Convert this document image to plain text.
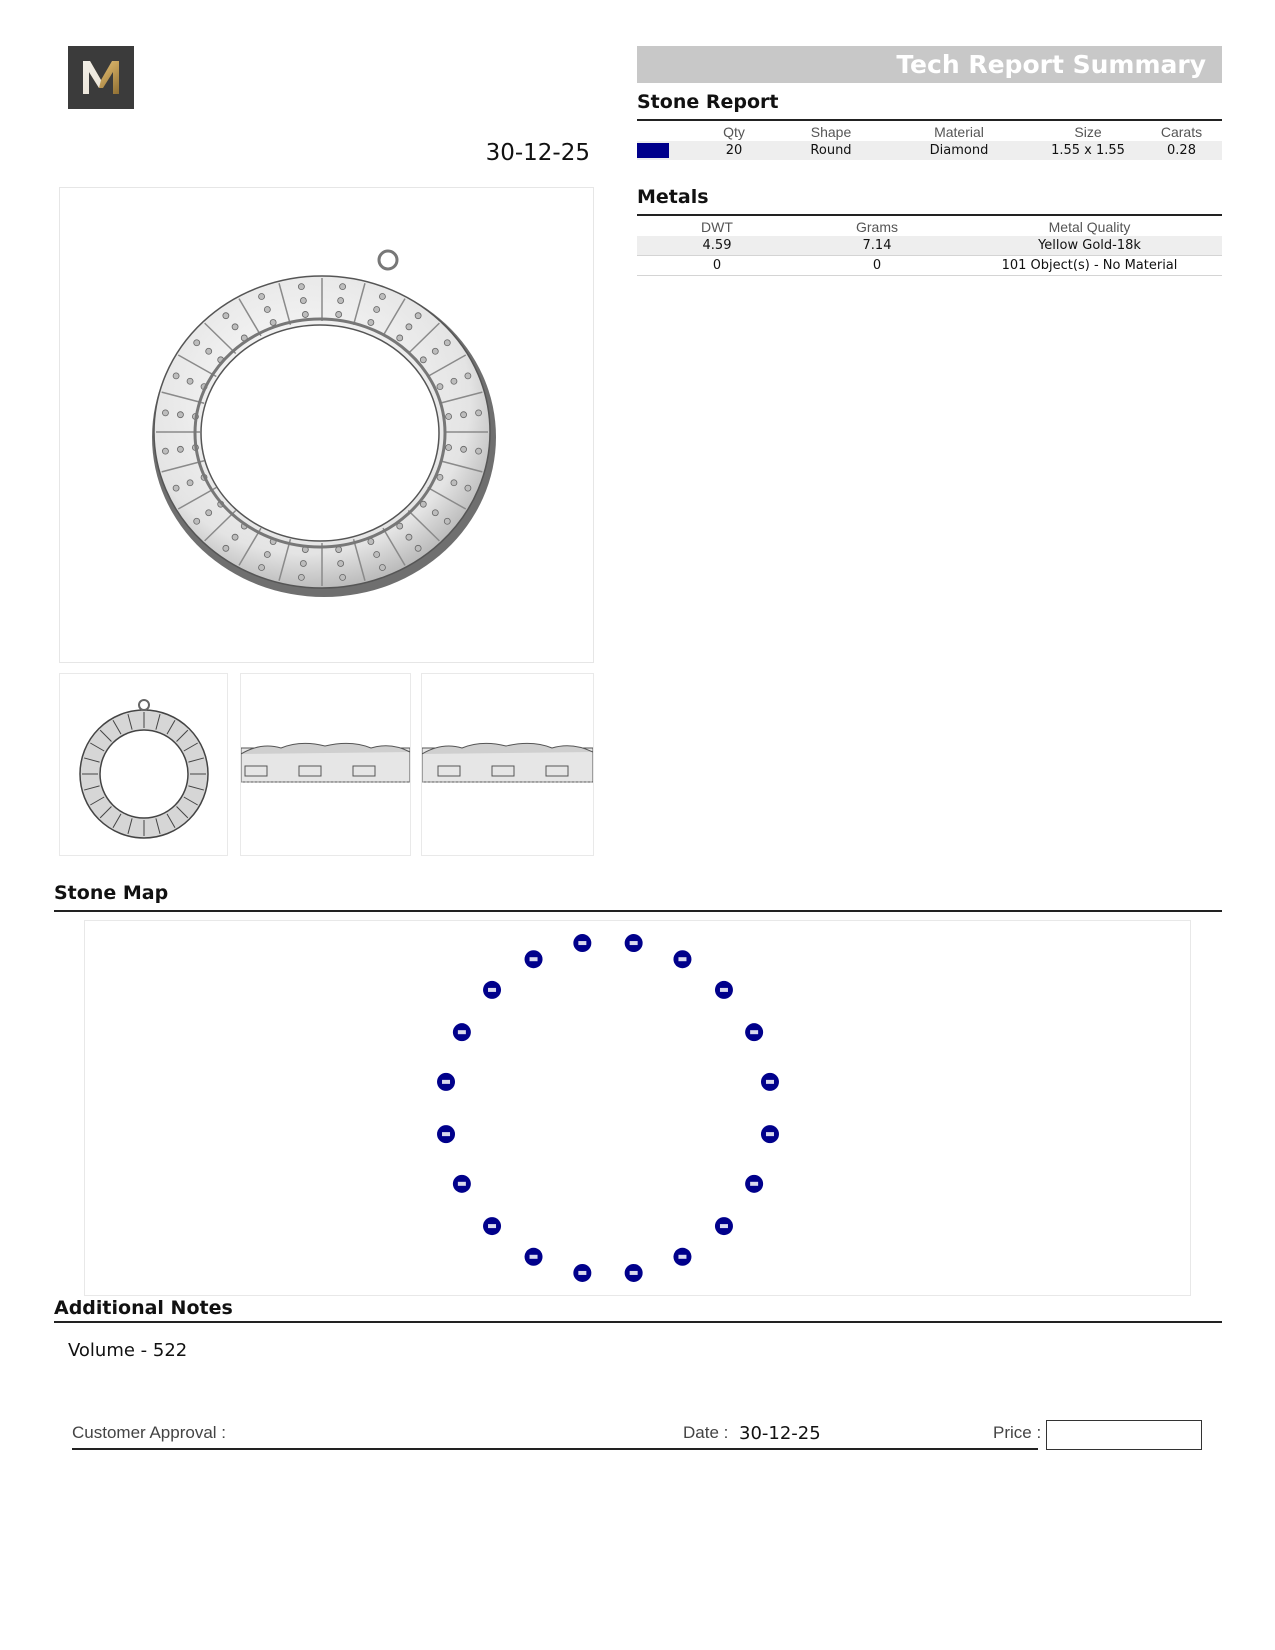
30-12-25
Tech Report Summary
Stone Report
	Qty	Shape	Material	Size	Carats
	20	Round	Diamond	1.55 x 1.55	0.28
Metals
DWT	Grams	Metal Quality
4.59	7.14	Yellow Gold-18k
0	0	101 Object(s) - No Material
Stone Map
Additional Notes
Volume - 522
Customer Approval :	Date : 30-12-25	Price :
